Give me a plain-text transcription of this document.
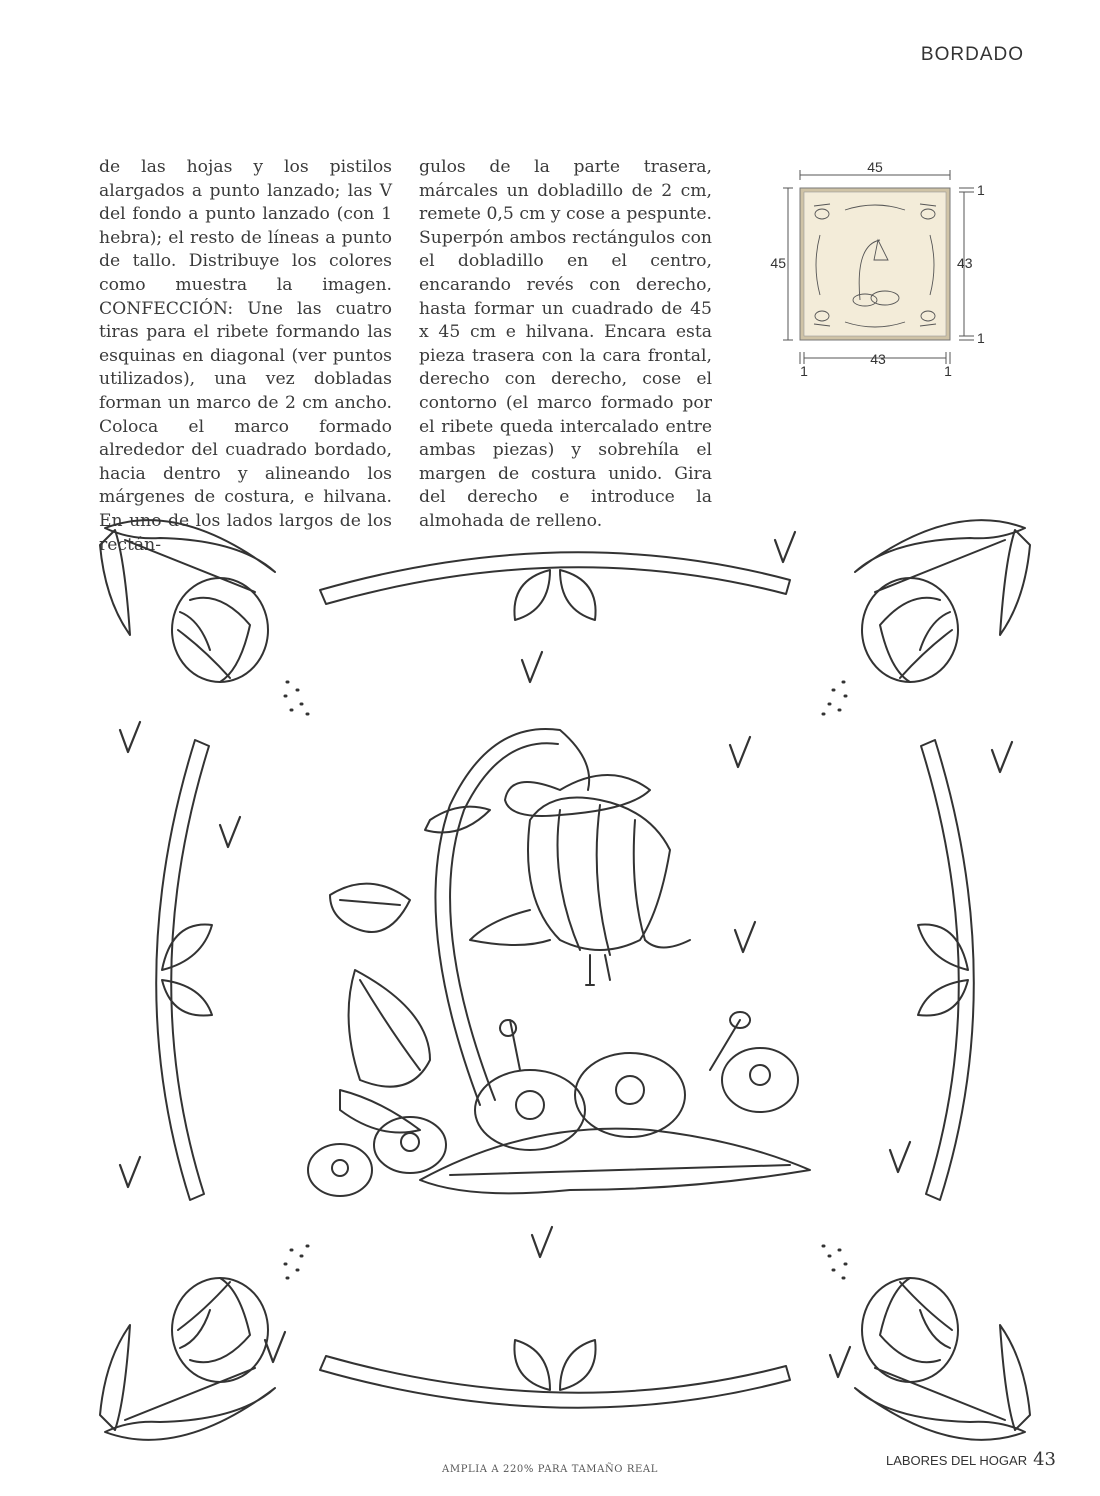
BORDADO

de las hojas y los pistilos alargados a punto lanzado; las V del fondo a punto lanzado (con 1 hebra); el resto de líneas a punto de tallo. Distribuye los colores como muestra la imagen. CONFECCIÓN: Une las cuatro tiras para el ribete formando las esquinas en diagonal (ver puntos utilizados), una vez dobladas forman un marco de 2 cm ancho. Coloca el marco formado alrededor del cuadrado bordado, hacia dentro y alineando los márgenes de costura, e hilvana. En uno de los lados largos de los rectán-

gulos de la parte trasera, márcales un dobladillo de 2 cm, remete 0,5 cm y cose a pespunte. Superpón ambos rectángulos con el dobladillo en el centro, encarando revés con derecho, hasta formar un cuadrado de 45 x 45 cm e hilvana. Encara esta pieza trasera con la cara frontal, derecho con derecho, cose el contorno (el marco formado por el ribete queda intercalado entre ambas piezas) y sobrehíla el margen de costura unido. Gira del derecho e introduce la almohada de relleno.

45
45	43
1
1
43
1	1
AMPLIA A 220% PARA TAMAÑO REAL
LABORES DEL HOGAR 43
